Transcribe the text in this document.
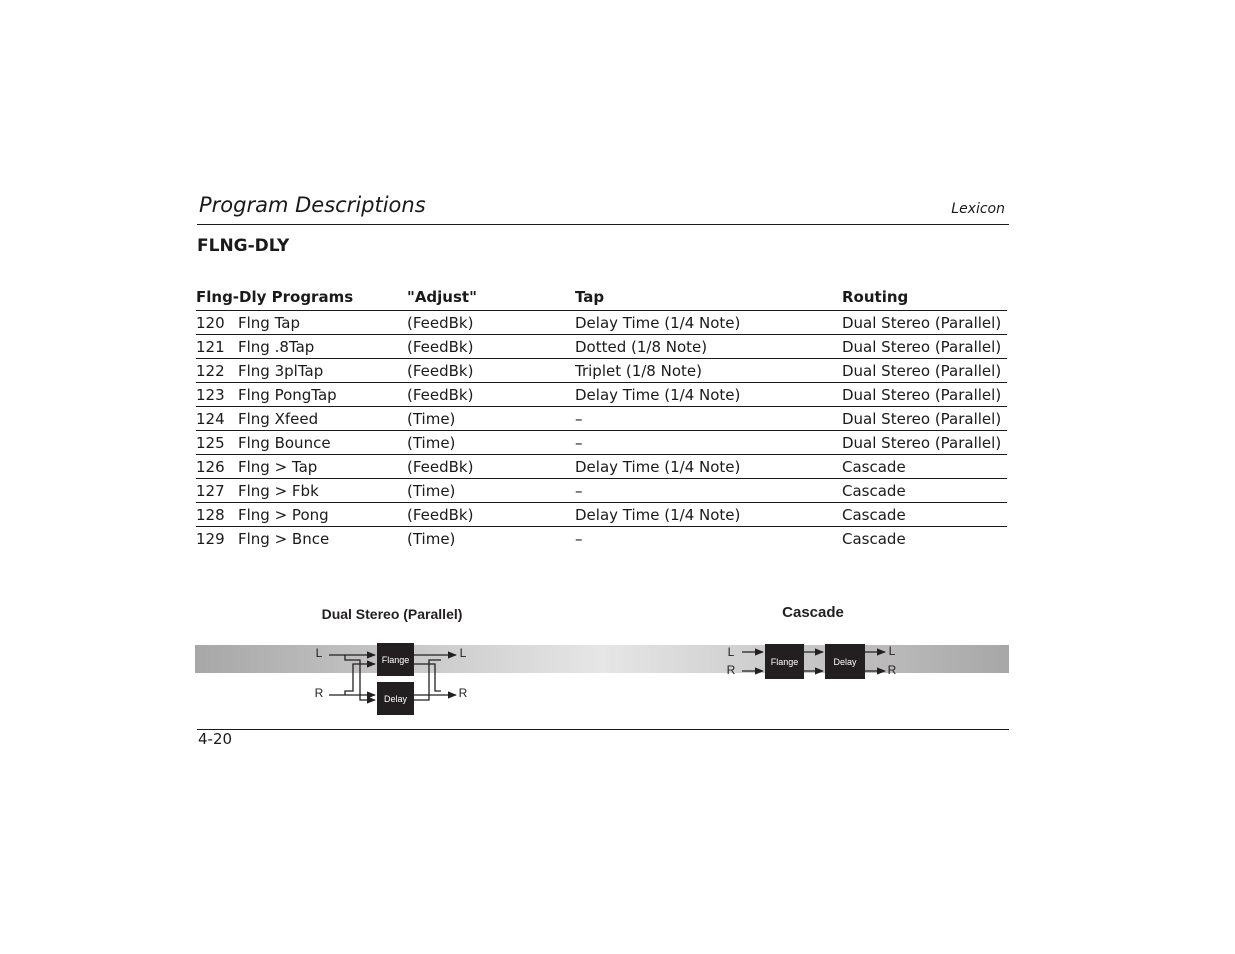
Program Descriptions	Lexicon
FLNG-DLY
Flng-Dly Programs		"Adjust"	Tap	Routing
120	Flng Tap	(FeedBk)	Delay Time (1/4 Note)	Dual Stereo (Parallel)
121	Flng .8Tap	(FeedBk)	Dotted (1/8 Note)	Dual Stereo (Parallel)
122	Flng 3plTap	(FeedBk)	Triplet (1/8 Note)	Dual Stereo (Parallel)
123	Flng PongTap	(FeedBk)	Delay Time (1/4 Note)	Dual Stereo (Parallel)
124	Flng Xfeed	(Time)	–	Dual Stereo (Parallel)
125	Flng Bounce	(Time)	–	Dual Stereo (Parallel)
126	Flng > Tap	(FeedBk)	Delay Time (1/4 Note)	Cascade
127	Flng > Fbk	(Time)	–	Cascade
128	Flng > Pong	(FeedBk)	Delay Time (1/4 Note)	Cascade
129	Flng > Bnce	(Time)	–	Cascade
Dual Stereo (Parallel)
L
R
L
R
Flange
Delay
Cascade
L
R
L
R
Flange	Delay
4-20
